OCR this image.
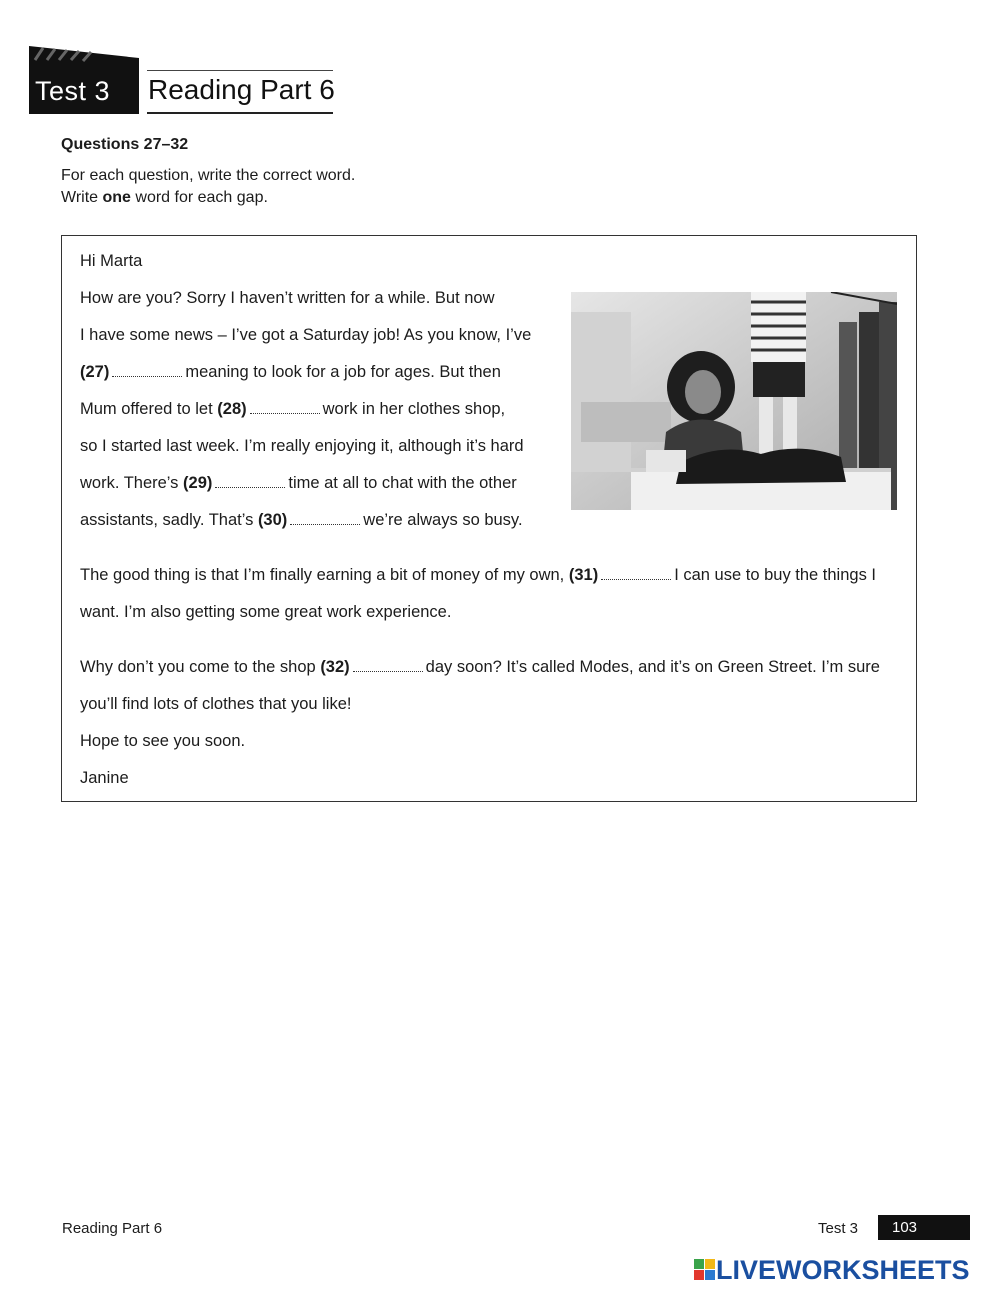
Test 3 Reading Part 6
Questions 27–32
For each question, write the correct word.
Write one word for each gap.
Hi Marta
How are you? Sorry I haven’t written for a while. But now
I have some news – I’ve got a Saturday job! As you know, I’ve
(27)	meaning to look for a job for ages. But then
Mum offered to let (28)	work in her clothes shop,
so I started last week. I’m really enjoying it, although it’s hard
work. There’s (29)	time at all to chat with the other
assistants, sadly. That’s (30)	we’re always so busy.
The good thing is that I’m finally earning a bit of money of my own, (31)	I can use to buy the things I
want. I’m also getting some great work experience.
Why don’t you come to the shop (32)	day soon? It’s called Modes, and it’s on Green Street. I’m sure
you’ll find lots of clothes that you like!
Hope to see you soon.
Janine
Reading Part 6	Test 3	103
LIVEWORKSHEETS
